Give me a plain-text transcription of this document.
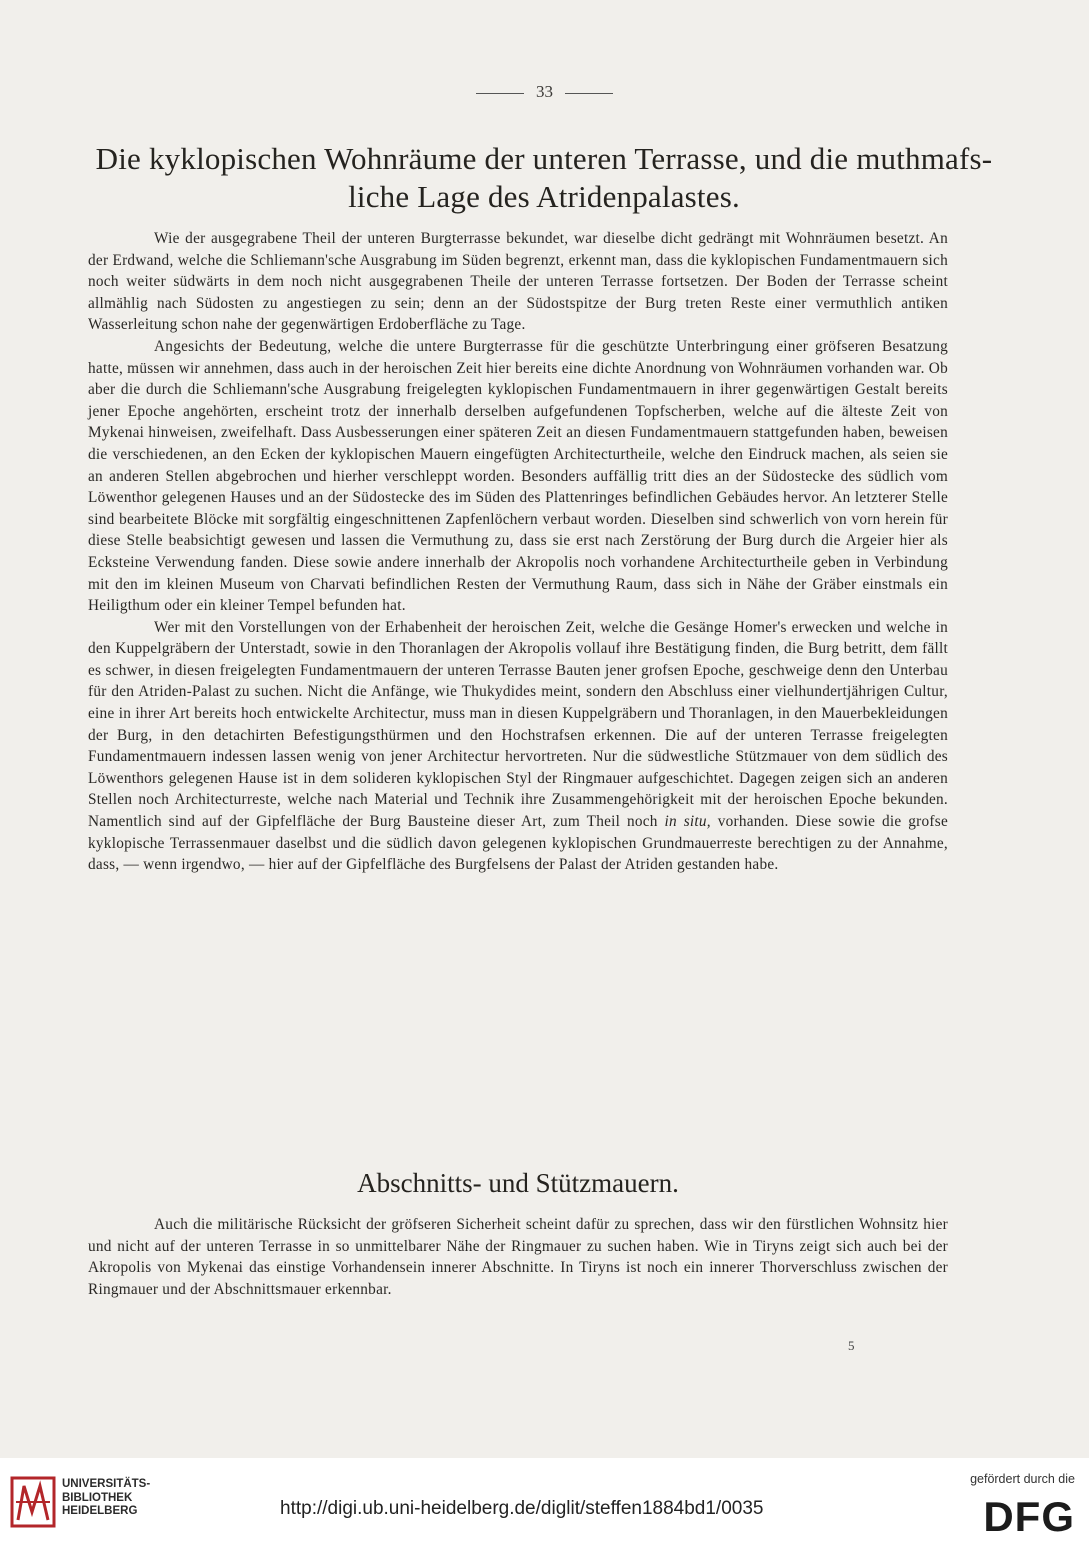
33
Die kyklopischen Wohnräume der unteren Terrasse, und die muthmafs-liche Lage des Atridenpalastes.

Wie der ausgegrabene Theil der unteren Burgterrasse bekundet, war dieselbe dicht gedrängt mit Wohnräumen besetzt. An der Erdwand, welche die Schliemann'sche Ausgrabung im Süden begrenzt, erkennt man, dass die kyklopischen Fundamentmauern sich noch weiter südwärts in dem noch nicht ausgegrabenen Theile der unteren Terrasse fortsetzen. Der Boden der Terrasse scheint allmählig nach Südosten zu angestiegen zu sein; denn an der Südostspitze der Burg treten Reste einer vermuthlich antiken Wasserleitung schon nahe der gegenwärtigen Erdoberfläche zu Tage.

Angesichts der Bedeutung, welche die untere Burgterrasse für die geschützte Unterbringung einer gröfseren Besatzung hatte, müssen wir annehmen, dass auch in der heroischen Zeit hier bereits eine dichte Anordnung von Wohnräumen vorhanden war. Ob aber die durch die Schliemann'sche Ausgrabung freigelegten kyklopischen Fundamentmauern in ihrer gegenwärtigen Gestalt bereits jener Epoche angehörten, erscheint trotz der innerhalb derselben aufgefundenen Topfscherben, welche auf die älteste Zeit von Mykenai hinweisen, zweifelhaft. Dass Ausbesserungen einer späteren Zeit an diesen Fundamentmauern stattgefunden haben, beweisen die verschiedenen, an den Ecken der kyklopischen Mauern eingefügten Architecturtheile, welche den Eindruck machen, als seien sie an anderen Stellen abgebrochen und hierher verschleppt worden. Besonders auffällig tritt dies an der Südostecke des südlich vom Löwenthor gelegenen Hauses und an der Südostecke des im Süden des Plattenringes befindlichen Gebäudes hervor. An letzterer Stelle sind bearbeitete Blöcke mit sorgfältig eingeschnittenen Zapfenlöchern verbaut worden. Dieselben sind schwerlich von vorn herein für diese Stelle beabsichtigt gewesen und lassen die Vermuthung zu, dass sie erst nach Zerstörung der Burg durch die Argeier hier als Ecksteine Verwendung fanden. Diese sowie andere innerhalb der Akropolis noch vorhandene Architecturtheile geben in Verbindung mit den im kleinen Museum von Charvati befindlichen Resten der Vermuthung Raum, dass sich in Nähe der Gräber einstmals ein Heiligthum oder ein kleiner Tempel befunden hat.

Wer mit den Vorstellungen von der Erhabenheit der heroischen Zeit, welche die Gesänge Homer's erwecken und welche in den Kuppelgräbern der Unterstadt, sowie in den Thoranlagen der Akropolis vollauf ihre Bestätigung finden, die Burg betritt, dem fällt es schwer, in diesen freigelegten Fundamentmauern der unteren Terrasse Bauten jener grofsen Epoche, geschweige denn den Unterbau für den Atriden-Palast zu suchen. Nicht die Anfänge, wie Thukydides meint, sondern den Abschluss einer vielhundertjährigen Cultur, eine in ihrer Art bereits hoch entwickelte Architectur, muss man in diesen Kuppelgräbern und Thoranlagen, in den Mauerbekleidungen der Burg, in den detachirten Befestigungsthürmen und den Hochstrafsen erkennen. Die auf der unteren Terrasse freigelegten Fundamentmauern indessen lassen wenig von jener Architectur hervortreten. Nur die südwestliche Stützmauer von dem südlich des Löwenthors gelegenen Hause ist in dem solideren kyklopischen Styl der Ringmauer aufgeschichtet. Dagegen zeigen sich an anderen Stellen noch Architecturreste, welche nach Material und Technik ihre Zusammengehörigkeit mit der heroischen Epoche bekunden. Namentlich sind auf der Gipfelfläche der Burg Bausteine dieser Art, zum Theil noch in situ, vorhanden. Diese sowie die grofse kyklopische Terrassenmauer daselbst und die südlich davon gelegenen kyklopischen Grundmauerreste berechtigen zu der Annahme, dass, — wenn irgendwo, — hier auf der Gipfelfläche des Burgfelsens der Palast der Atriden gestanden habe.

Abschnitts- und Stützmauern.

Auch die militärische Rücksicht der gröfseren Sicherheit scheint dafür zu sprechen, dass wir den fürstlichen Wohnsitz hier und nicht auf der unteren Terrasse in so unmittelbarer Nähe der Ringmauer zu suchen haben. Wie in Tiryns zeigt sich auch bei der Akropolis von Mykenai das einstige Vorhandensein innerer Abschnitte. In Tiryns ist noch ein innerer Thorverschluss zwischen der Ringmauer und der Abschnittsmauer erkennbar.

5
UNIVERSITÄTS-
BIBLIOTHEK
HEIDELBERG	http://digi.ub.uni-heidelberg.de/diglit/steffen1884bd1/0035
gefördert durch die
DFG
